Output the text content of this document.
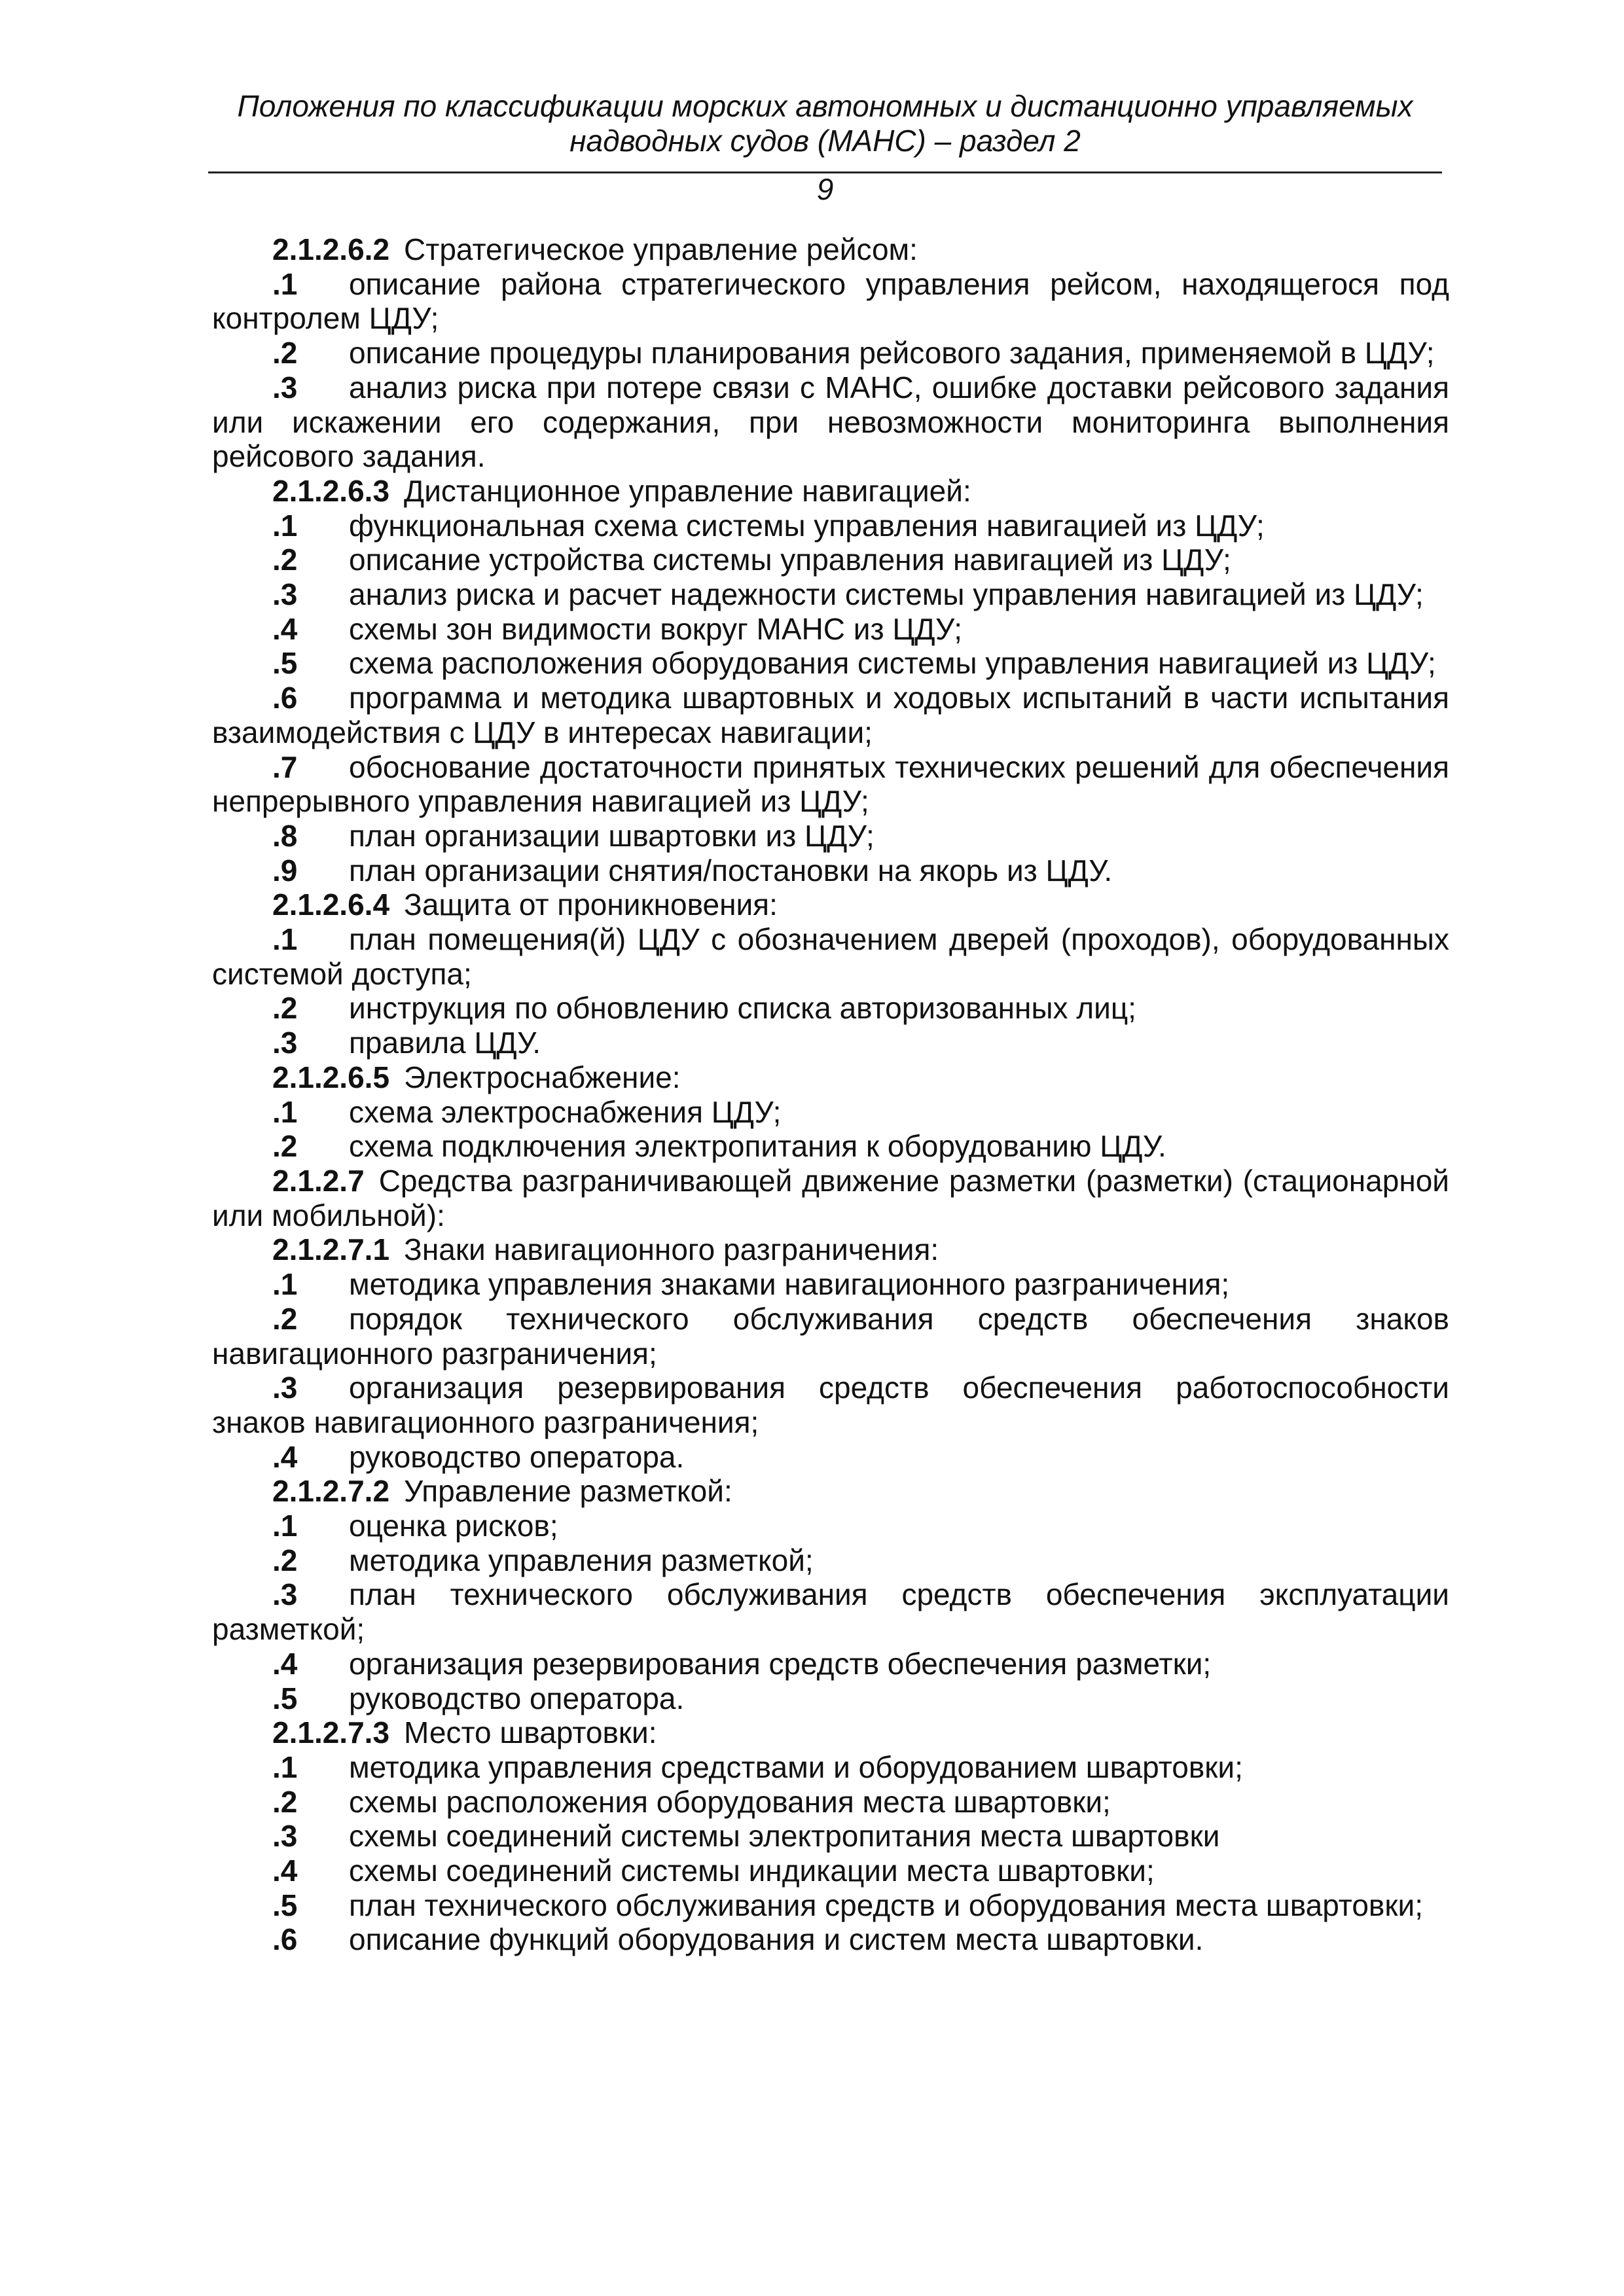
Положения по классификации морских автономных и дистанционно управляемых
надводных судов (МАНС) – раздел 2
9

2.1.2.6.2 Стратегическое управление рейсом:

.1 описание района стратегического управления рейсом, находящегося под контролем ЦДУ;

.2 описание процедуры планирования рейсового задания, применяемой в ЦДУ;

.3 анализ риска при потере связи с МАНС, ошибке доставки рейсового задания или искажении его содержания, при невозможности мониторинга выполнения рейсового задания.

2.1.2.6.3 Дистанционное управление навигацией:

.1 функциональная схема системы управления навигацией из ЦДУ;

.2 описание устройства системы управления навигацией из ЦДУ;

.3 анализ риска и расчет надежности системы управления навигацией из ЦДУ;

.4 схемы зон видимости вокруг МАНС из ЦДУ;

.5 схема расположения оборудования системы управления навигацией из ЦДУ;

.6 программа и методика швартовных и ходовых испытаний в части испытания взаимодействия с ЦДУ в интересах навигации;

.7 обоснование достаточности принятых технических решений для обеспечения непрерывного управления навигацией из ЦДУ;

.8 план организации швартовки из ЦДУ;

.9 план организации снятия/постановки на якорь из ЦДУ.

2.1.2.6.4 Защита от проникновения:

.1 план помещения(й) ЦДУ с обозначением дверей (проходов), оборудованных системой доступа;

.2 инструкция по обновлению списка авторизованных лиц;

.3 правила ЦДУ.

2.1.2.6.5 Электроснабжение:

.1 схема электроснабжения ЦДУ;

.2 схема подключения электропитания к оборудованию ЦДУ.

2.1.2.7 Средства разграничивающей движение разметки (разметки) (стационарной или мобильной):

2.1.2.7.1 Знаки навигационного разграничения:

.1 методика управления знаками навигационного разграничения;

.2 порядок технического обслуживания средств обеспечения знаков навигационного разграничения;

.3 организация резервирования средств обеспечения работоспособности знаков навигационного разграничения;

.4 руководство оператора.

2.1.2.7.2 Управление разметкой:

.1 оценка рисков;

.2 методика управления разметкой;

.3 план технического обслуживания средств обеспечения эксплуатации разметкой;

.4 организация резервирования средств обеспечения разметки;

.5 руководство оператора.

2.1.2.7.3 Место швартовки:

.1 методика управления средствами и оборудованием швартовки;

.2 схемы расположения оборудования места швартовки;

.3 схемы соединений системы электропитания места швартовки

.4 схемы соединений системы индикации места швартовки;

.5 план технического обслуживания средств и оборудования места швартовки;

.6 описание функций оборудования и систем места швартовки.
